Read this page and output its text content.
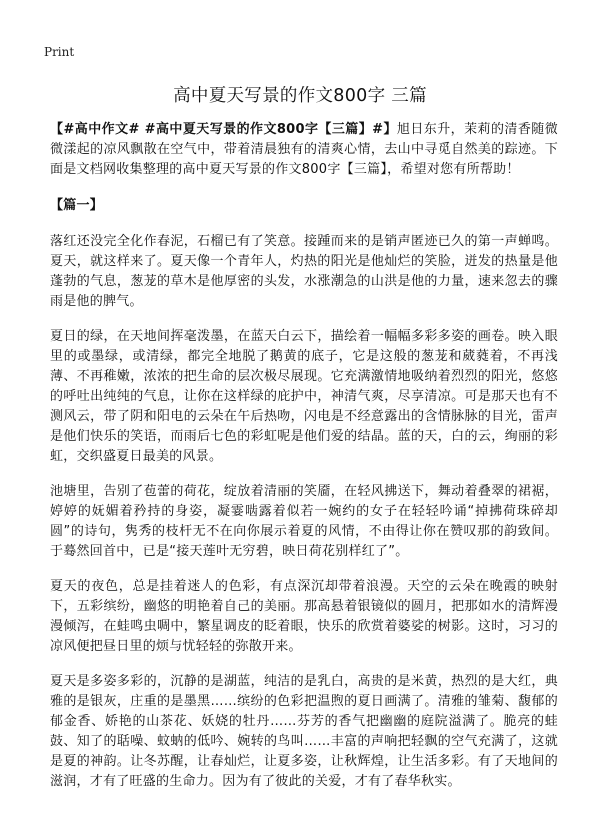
Print
高中夏天写景的作文800字 三篇

【#高中作文# #高中夏天写景的作文800字【三篇】#】旭日东升，茉莉的清香随微微漾起的凉风飘散在空气中，带着清晨独有的清爽心情，去山中寻觅自然美的踪迹。下面是文档网收集整理的高中夏天写景的作文800字【三篇】，希望对您有所帮助！

【篇一】

落红还没完全化作春泥，石榴已有了笑意。接踵而来的是销声匿迹已久的第一声蝉鸣。夏天，就这样来了。夏天像一个青年人，灼热的阳光是他灿烂的笑脸，迸发的热量是他蓬勃的气息，葱茏的草木是他厚密的头发，水涨潮急的山洪是他的力量，速来忽去的骤雨是他的脾气。

夏日的绿，在天地间挥毫泼墨，在蓝天白云下，描绘着一幅幅多彩多姿的画卷。映入眼里的或墨绿，或清绿，都完全地脱了鹅黄的底子，它是这般的葱茏和葳蕤着，不再浅薄、不再稚嫩，浓浓的把生命的层次极尽展现。它充满激情地吸纳着烈烈的阳光，悠悠的呼吐出纯纯的气息，让你在这样绿的庇护中，神清气爽，尽享清凉。可是那天也有不测风云，带了阴和阳电的云朵在午后热吻，闪电是不经意露出的含情脉脉的目光，雷声是他们快乐的笑语，而雨后七色的彩虹呢是他们爱的结晶。蓝的天，白的云，绚丽的彩虹，交织盛夏日最美的风景。

池塘里，告别了苞蕾的荷花，绽放着清丽的笑靥，在轻风拂送下，舞动着叠翠的裙裾，婷婷的妩媚着矜持的身姿，凝霎啮露着似若一婉约的女子在轻轻吟诵“掉拂荷珠碎却圆”的诗句，隽秀的枝杆无不在向你展示着夏的风情，不由得让你在赞叹那的韵致间。于蓦然回首中，已是“接天莲叶无穷碧，映日荷花别样红了”。

夏天的夜色，总是挂着迷人的色彩，有点深沉却带着浪漫。天空的云朵在晚霞的映射下，五彩缤纷，幽悠的明艳着自己的美丽。那高悬着银镜似的圆月，把那如水的清辉漫漫倾泻，在蛙鸣虫啁中，繁星调皮的眨着眼，快乐的欣赏着婆娑的树影。这时，习习的凉风便把昼日里的烦与忧轻轻的弥散开来。

夏天是多姿多彩的，沉静的是湖蓝，纯洁的是乳白，高贵的是米黄，热烈的是大红，典雅的是银灰，庄重的是墨黑……缤纷的色彩把温煦的夏日画满了。清雅的雏菊、馥郁的郁金香、娇艳的山茶花、妖娆的牡丹……芬芳的香气把幽幽的庭院溢满了。脆亮的蛙鼓、知了的聒噪、蚊蚋的低吟、婉转的鸟叫……丰富的声响把轻飘的空气充满了，这就是夏的神韵。让冬苏醒，让春灿烂，让夏多姿，让秋辉煌，让生活多彩。有了天地间的滋润，才有了旺盛的生命力。因为有了彼此的关爱，才有了春华秋实。
